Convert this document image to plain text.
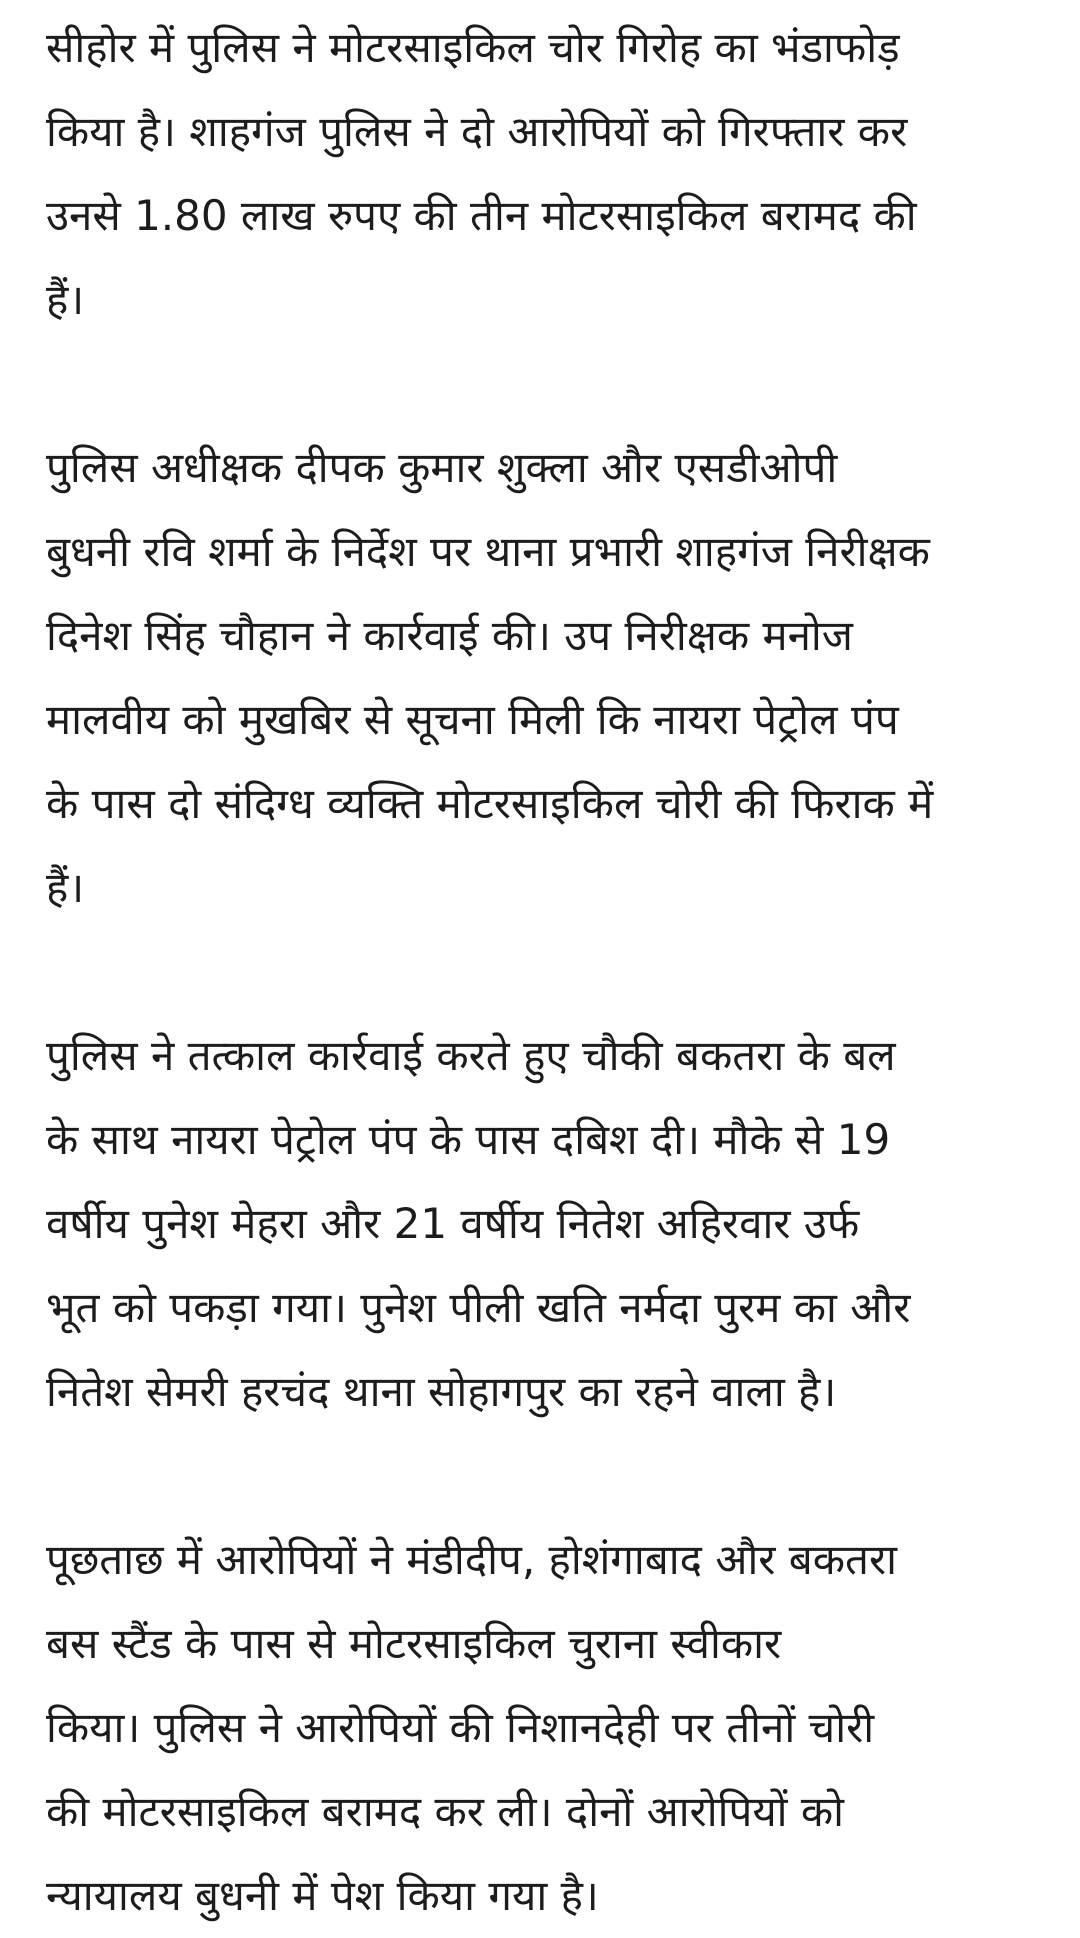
सीहोर में पुलिस ने मोटरसाइकिल चोर गिरोह का भंडाफोड़
किया है। शाहगंज पुलिस ने दो आरोपियों को गिरफ्तार कर
उनसे 1.80 लाख रुपए की तीन मोटरसाइकिल बरामद की
हैं।

पुलिस अधीक्षक दीपक कुमार शुक्ला और एसडीओपी
बुधनी रवि शर्मा के निर्देश पर थाना प्रभारी शाहगंज निरीक्षक
दिनेश सिंह चौहान ने कार्रवाई की। उप निरीक्षक मनोज
मालवीय को मुखबिर से सूचना मिली कि नायरा पेट्रोल पंप
के पास दो संदिग्ध व्यक्ति मोटरसाइकिल चोरी की फिराक में
हैं।

पुलिस ने तत्काल कार्रवाई करते हुए चौकी बकतरा के बल
के साथ नायरा पेट्रोल पंप के पास दबिश दी। मौके से 19
वर्षीय पुनेश मेहरा और 21 वर्षीय नितेश अहिरवार उर्फ
भूत को पकड़ा गया। पुनेश पीली खति नर्मदा पुरम का और
नितेश सेमरी हरचंद थाना सोहागपुर का रहने वाला है।

पूछताछ में आरोपियों ने मंडीदीप, होशंगाबाद और बकतरा
बस स्टैंड के पास से मोटरसाइकिल चुराना स्वीकार
किया। पुलिस ने आरोपियों की निशानदेही पर तीनों चोरी
की मोटरसाइकिल बरामद कर ली। दोनों आरोपियों को
न्यायालय बुधनी में पेश किया गया है।
